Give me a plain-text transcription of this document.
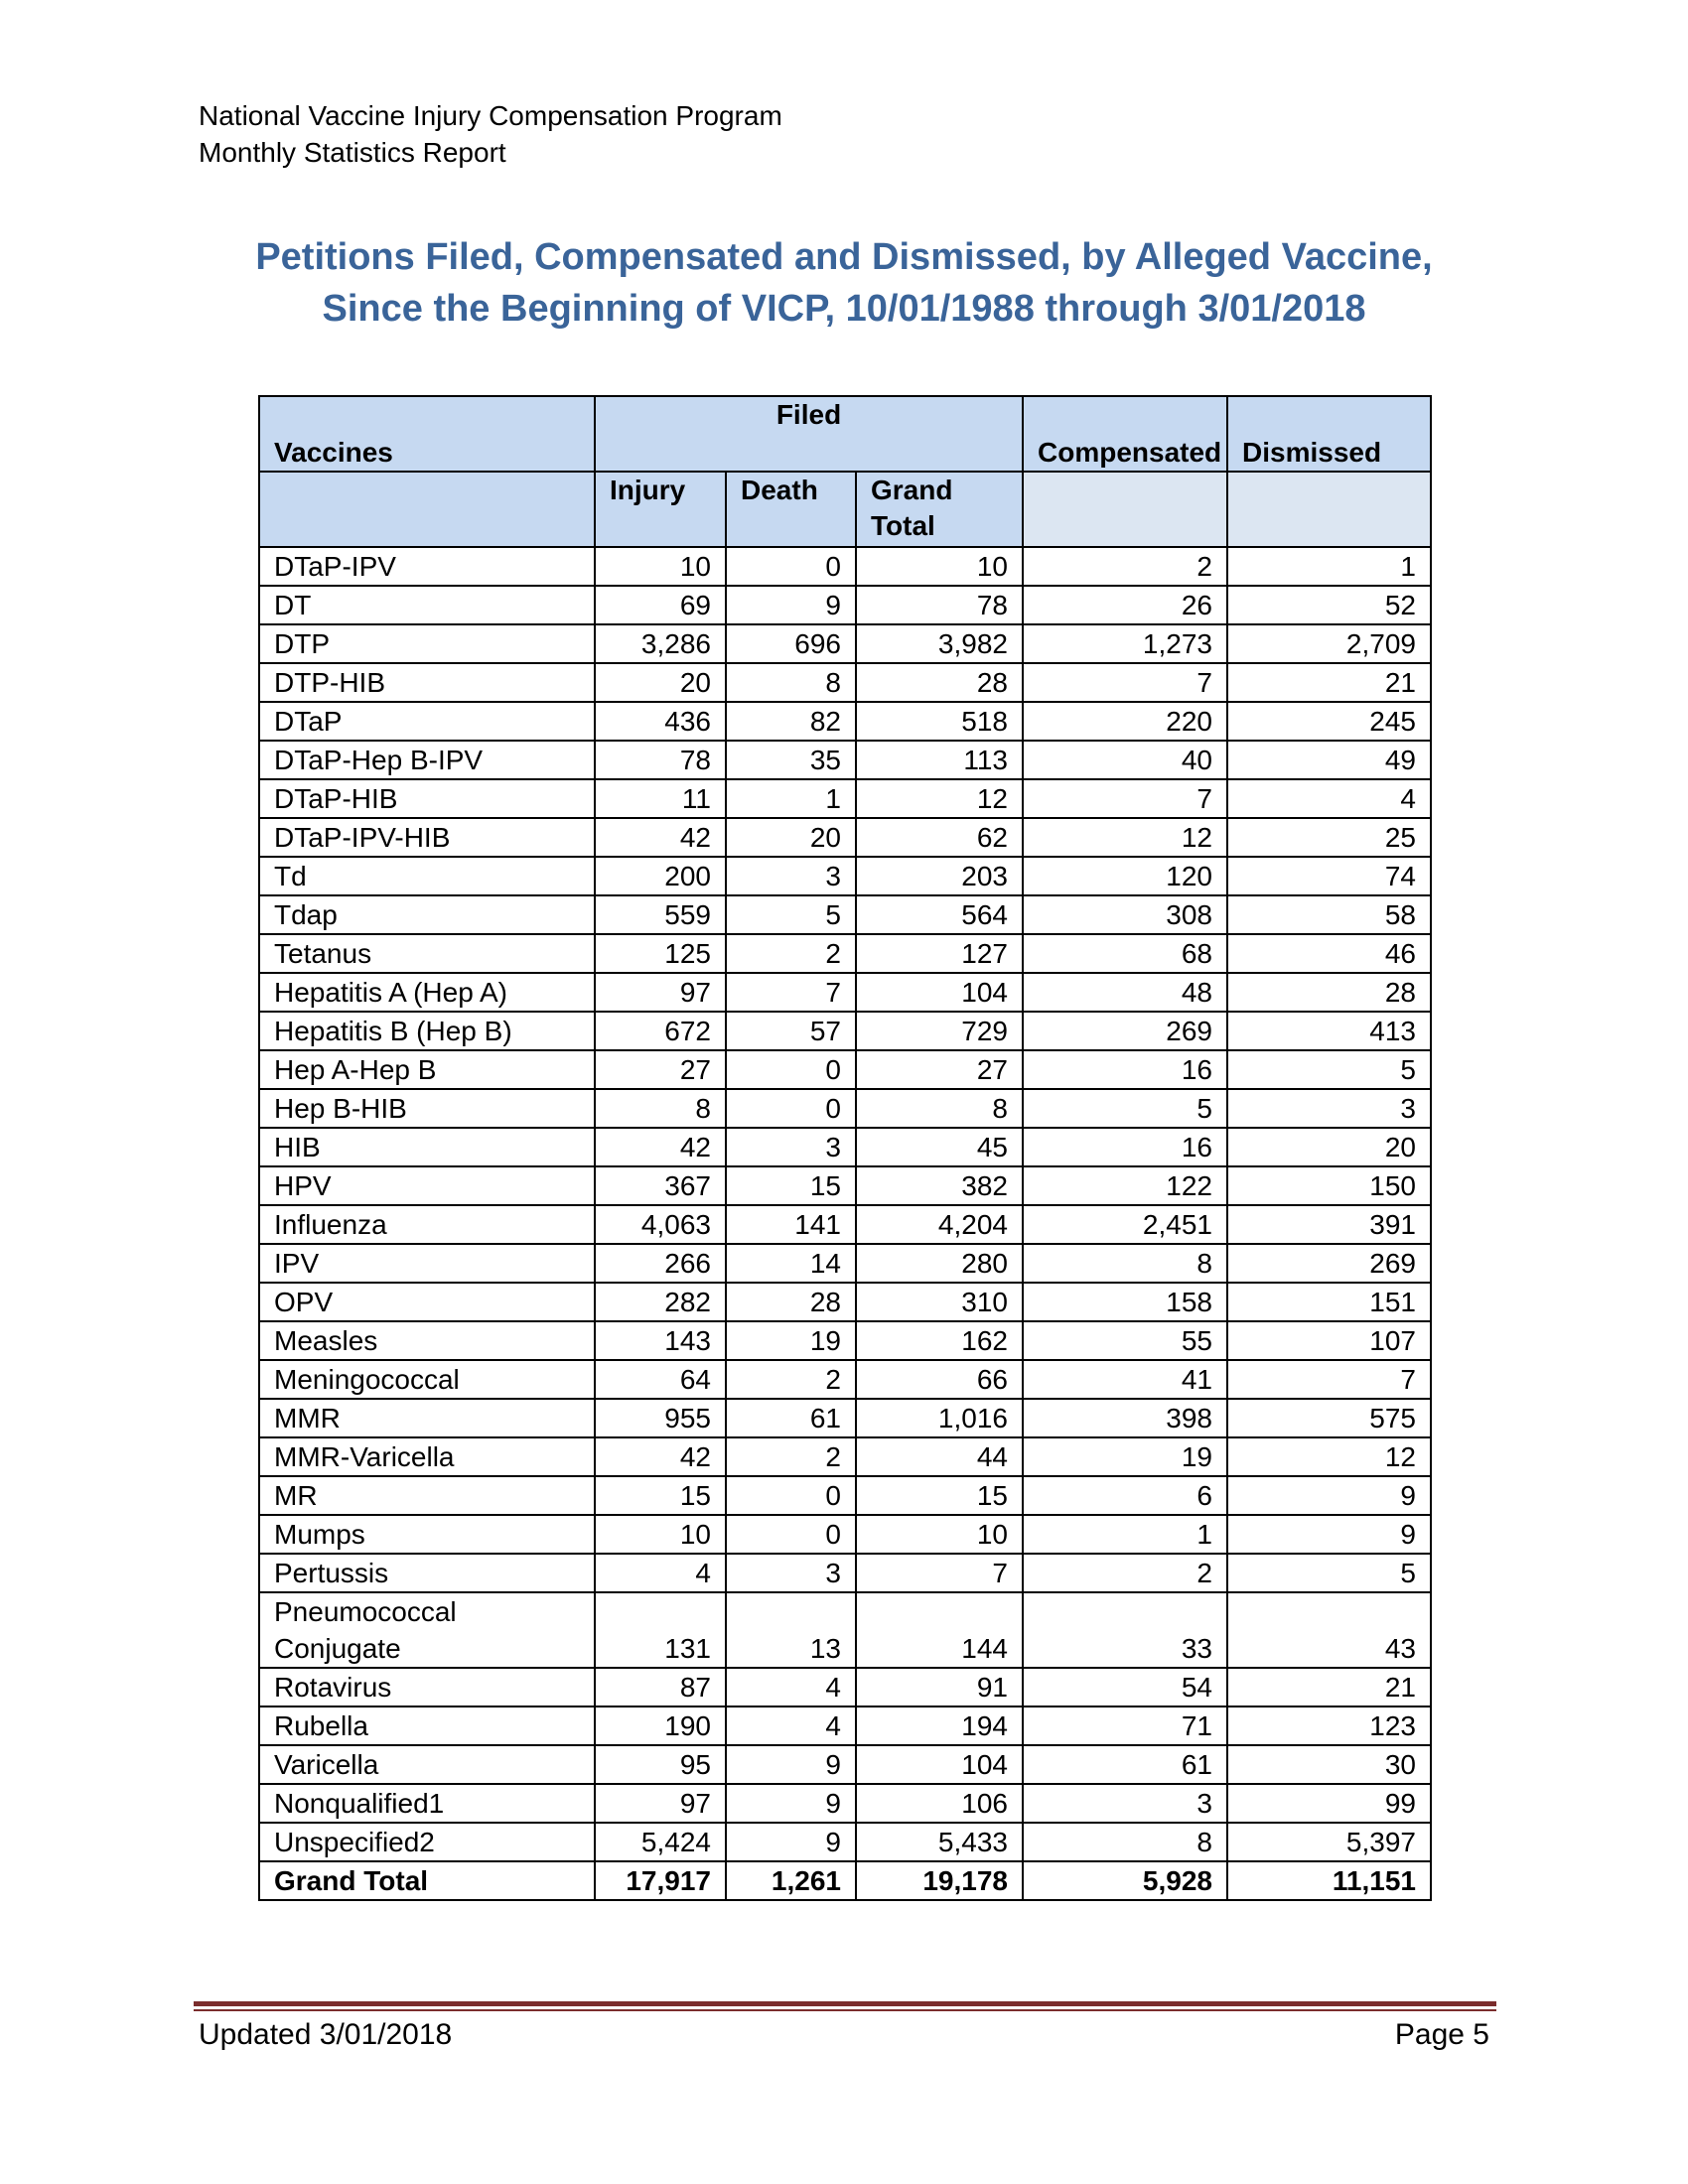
National Vaccine Injury Compensation Program
Monthly Statistics Report
Petitions Filed, Compensated and Dismissed, by Alleged Vaccine,
Since the Beginning of VICP, 10/01/1988 through 3/01/2018
Vaccines	Filed			Compensated	Dismissed

	Injury	Death	Grand
Total		

DTaP-IPV	10	0	10	2	1
DT	69	9	78	26	52
DTP	3,286	696	3,982	1,273	2,709
DTP-HIB	20	8	28	7	21
DTaP	436	82	518	220	245
DTaP-Hep B-IPV	78	35	113	40	49
DTaP-HIB	11	1	12	7	4
DTaP-IPV-HIB	42	20	62	12	25
Td	200	3	203	120	74
Tdap	559	5	564	308	58
Tetanus	125	2	127	68	46
Hepatitis A (Hep A)	97	7	104	48	28
Hepatitis B (Hep B)	672	57	729	269	413
Hep A-Hep B	27	0	27	16	5
Hep B-HIB	8	0	8	5	3
HIB	42	3	45	16	20
HPV	367	15	382	122	150
Influenza	4,063	141	4,204	2,451	391
IPV	266	14	280	8	269
OPV	282	28	310	158	151
Measles	143	19	162	55	107
Meningococcal	64	2	66	41	7
MMR	955	61	1,016	398	575
MMR-Varicella	42	2	44	19	12
MR	15	0	15	6	9
Mumps	10	0	10	1	9
Pertussis	4	3	7	2	5
Pneumococcal Conjugate	131	13	144	33	43
Rotavirus	87	4	91	54	21
Rubella	190	4	194	71	123
Varicella	95	9	104	61	30
Nonqualified1	97	9	106	3	99
Unspecified2	5,424	9	5,433	8	5,397
Grand Total	17,917	1,261	19,178	5,928	11,151
Updated 3/01/2018	Page 5
